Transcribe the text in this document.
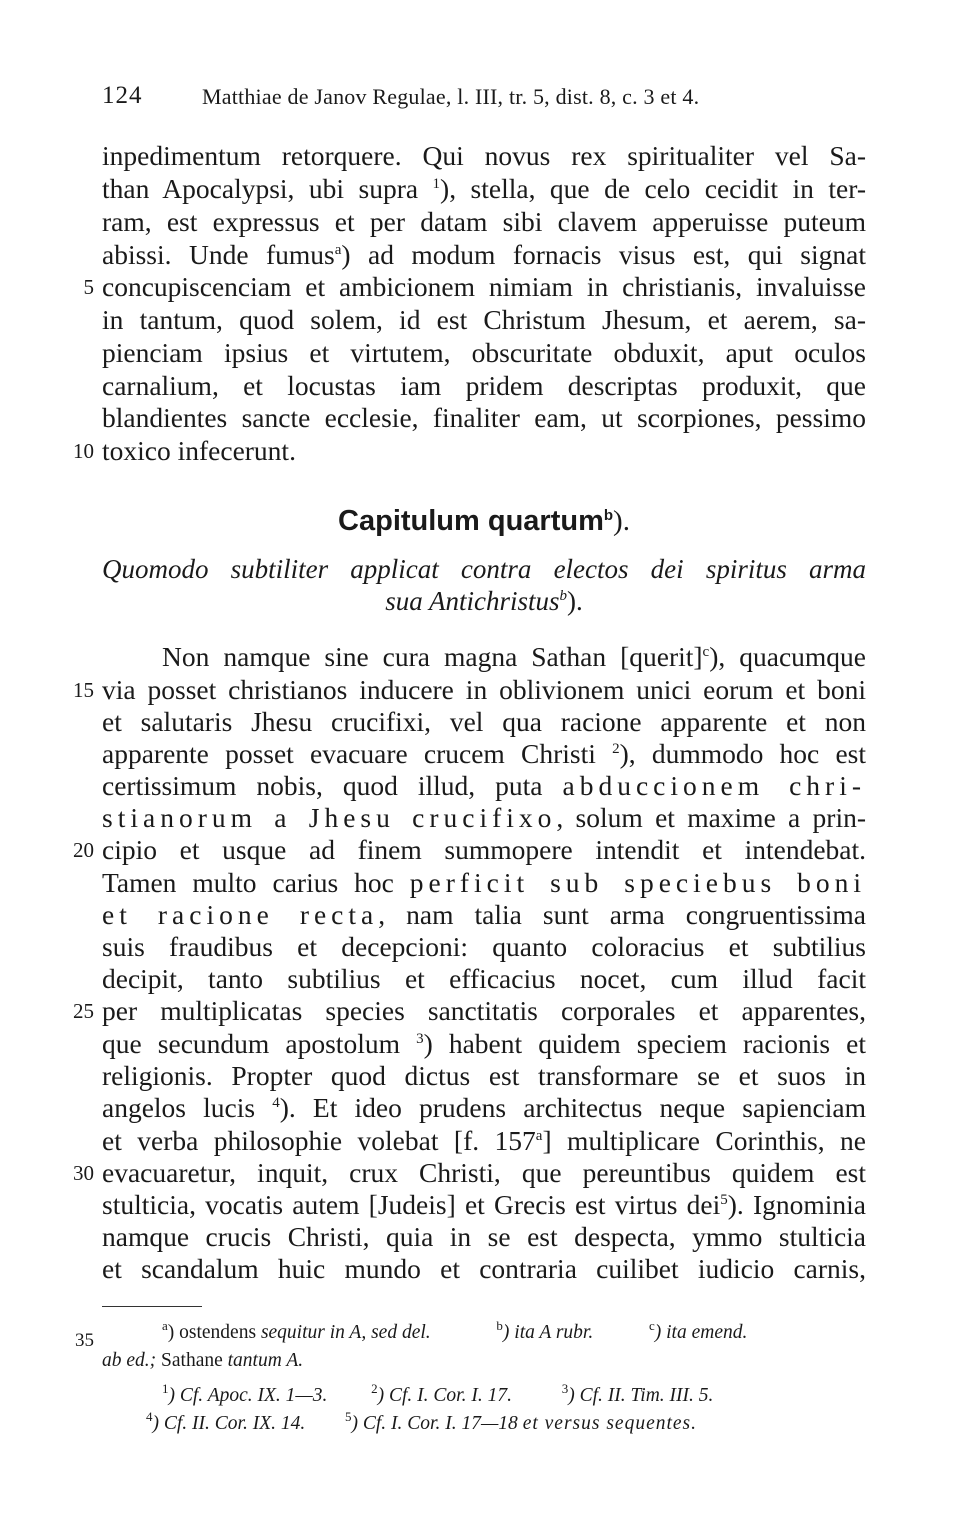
124	Matthiae de Janov Regulae, l. III, tr. 5, dist. 8, c. 3 et 4.
inpedimentum retorquere. Qui novus rex spiritualiter vel Sa-
than Apocalypsi, ubi supra $^1$), stella, que de celo cecidit in ter-
ram, est expressus et per datam sibi clavem apperuisse puteum
abissi. Unde fumus$^a$) ad modum fornacis visus est, qui signat
concupiscenciam et ambicionem nimiam in christianis, invaluisse
in tantum, quod solem, id est Christum Jhesum, et aerem, sa-
pienciam ipsius et virtutem, obscuritate obduxit, aput oculos
carnalium, et locustas iam pridem descriptas produxit, que
blandientes sancte ecclesie, finaliter eam, ut scorpiones, pessimo
toxico infecerunt.
5
10
15
20
25
30
35
Capitulum quartum$^b$).
Quomodo subtiliter applicat contra electos dei spiritus arma
sua Antichristus$^b$).
Non namque sine cura magna Sathan [querit]$^c$), quacumque
via posset christianos inducere in oblivionem unici eorum et boni
et salutaris Jhesu crucifixi, vel qua racione apparente et non
apparente posset evacuare crucem Christi $^2$), dummodo hoc est
certissimum nobis, quod illud, puta abduccionem chri-
stianorum a Jhesu crucifixo, solum et maxime a prin-
cipio et usque ad finem summopere intendit et intendebat.
Tamen multo carius hoc perficit sub speciebus boni
et racione recta, nam talia sunt arma congruentissima
suis fraudibus et decepcioni: quanto coloracius et subtilius
decipit, tanto subtilius et efficacius nocet, cum illud facit
per multiplicatas species sanctitatis corporales et apparentes,
que secundum apostolum $^3$) habent quidem speciem racionis et
religionis. Propter quod dictus est transformare se et suos in
angelos lucis $^4$). Et ideo prudens architectus neque sapienciam
et verba philosophie volebat [f. 157$^a$] multiplicare Corinthis, ne
evacuaretur, inquit, crux Christi, que pereuntibus quidem est
stulticia, vocatis autem [Judeis] et Grecis est virtus dei$^5$). Ignominia
namque crucis Christi, quia in se est despecta, ymmo stulticia
et scandalum huic mundo et contraria cuilibet iudicio carnis,
$^a$) ostendens sequitur in A, sed del.	$^b$) ita A rubr.	$^c$) ita emend.
ab ed.; Sathane tantum A.
$^1$) Cf. Apoc. IX. 1—3.	$^2$) Cf. I. Cor. I. 17.	$^3$) Cf. II. Tim. III. 5.
$^4$) Cf. II. Cor. IX. 14.	$^5$) Cf. I. Cor. I. 17—18 et versus sequentes.
